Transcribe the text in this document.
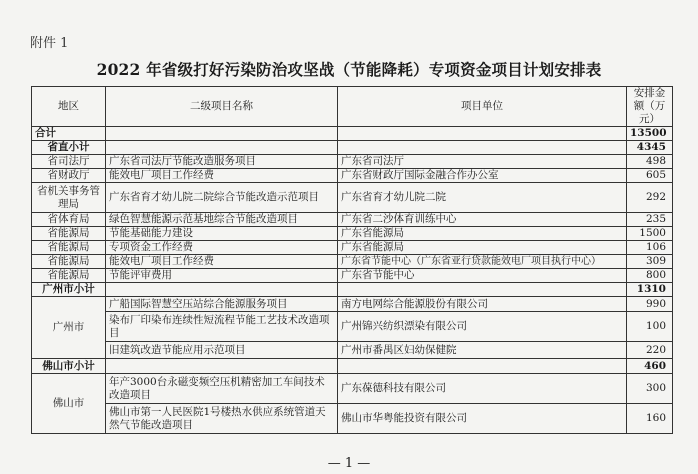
附件 1
2022 年省级打好污染防治攻坚战（节能降耗）专项资金项目计划安排表
地区	二级项目名称	项目单位	安排金额（万元）
合计			13500
省直小计			4345
省司法厅	广东省司法厅节能改造服务项目	广东省司法厅	498
省财政厅	能效电厂项目工作经费	广东省财政厅国际金融合作办公室	605
省机关事务管理局	广东省育才幼儿院二院综合节能改造示范项目	广东省育才幼儿院二院	292
省体育局	绿色智慧能源示范基地综合节能改造项目	广东省二沙体育训练中心	235
省能源局	节能基础能力建设	广东省能源局	1500
省能源局	专项资金工作经费	广东省能源局	106
省能源局	能效电厂项目工作经费	广东省节能中心（广东省亚行贷款能效电厂项目执行中心）	309
省能源局	节能评审费用	广东省节能中心	800
广州市小计			1310
广州市	广船国际智慧空压站综合能源服务项目	南方电网综合能源股份有限公司	990
	染布厂印染布连续性短流程节能工艺技术改造项目	广州锦兴纺织漂染有限公司	100
	旧建筑改造节能应用示范项目	广州市番禺区妇幼保健院	220
佛山市小计			460
佛山市	年产3000台永磁变频空压机精密加工车间技术改造项目	广东葆德科技有限公司	300
	佛山市第一人民医院1号楼热水供应系统管道天然气节能改造项目	佛山市华粤能投资有限公司	160
— 1 —
